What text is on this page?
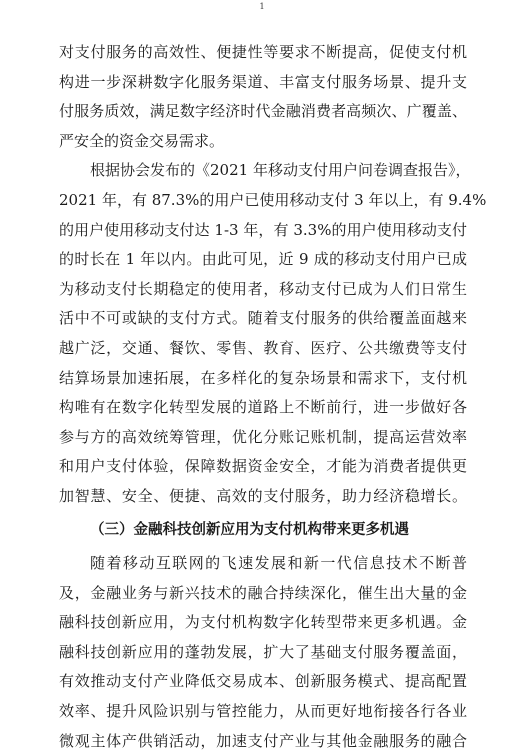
1
对支付服务的高效性、便捷性等要求不断提高，促使支付机
构进一步深耕数字化服务渠道、丰富支付服务场景、提升支
付服务质效，满足数字经济时代金融消费者高频次、广覆盖、
严安全的资金交易需求。
根据协会发布的《2021 年移动支付用户问卷调查报告》，
2021 年，有 87.3%的用户已使用移动支付 3 年以上，有 9.4%
的用户使用移动支付达 1-3 年，有 3.3%的用户使用移动支付
的时长在 1 年以内。由此可见，近 9 成的移动支付用户已成
为移动支付长期稳定的使用者，移动支付已成为人们日常生
活中不可或缺的支付方式。随着支付服务的供给覆盖面越来
越广泛，交通、餐饮、零售、教育、医疗、公共缴费等支付
结算场景加速拓展，在多样化的复杂场景和需求下，支付机
构唯有在数字化转型发展的道路上不断前行，进一步做好各
参与方的高效统筹管理，优化分账记账机制，提高运营效率
和用户支付体验，保障数据资金安全，才能为消费者提供更
加智慧、安全、便捷、高效的支付服务，助力经济稳增长。
（三）金融科技创新应用为支付机构带来更多机遇
随着移动互联网的飞速发展和新一代信息技术不断普
及，金融业务与新兴技术的融合持续深化，催生出大量的金
融科技创新应用，为支付机构数字化转型带来更多机遇。金
融科技创新应用的蓬勃发展，扩大了基础支付服务覆盖面，
有效推动支付产业降低交易成本、创新服务模式、提高配置
效率、提升风险识别与管控能力，从而更好地衔接各行各业
微观主体产供销活动，加速支付产业与其他金融服务的融合
